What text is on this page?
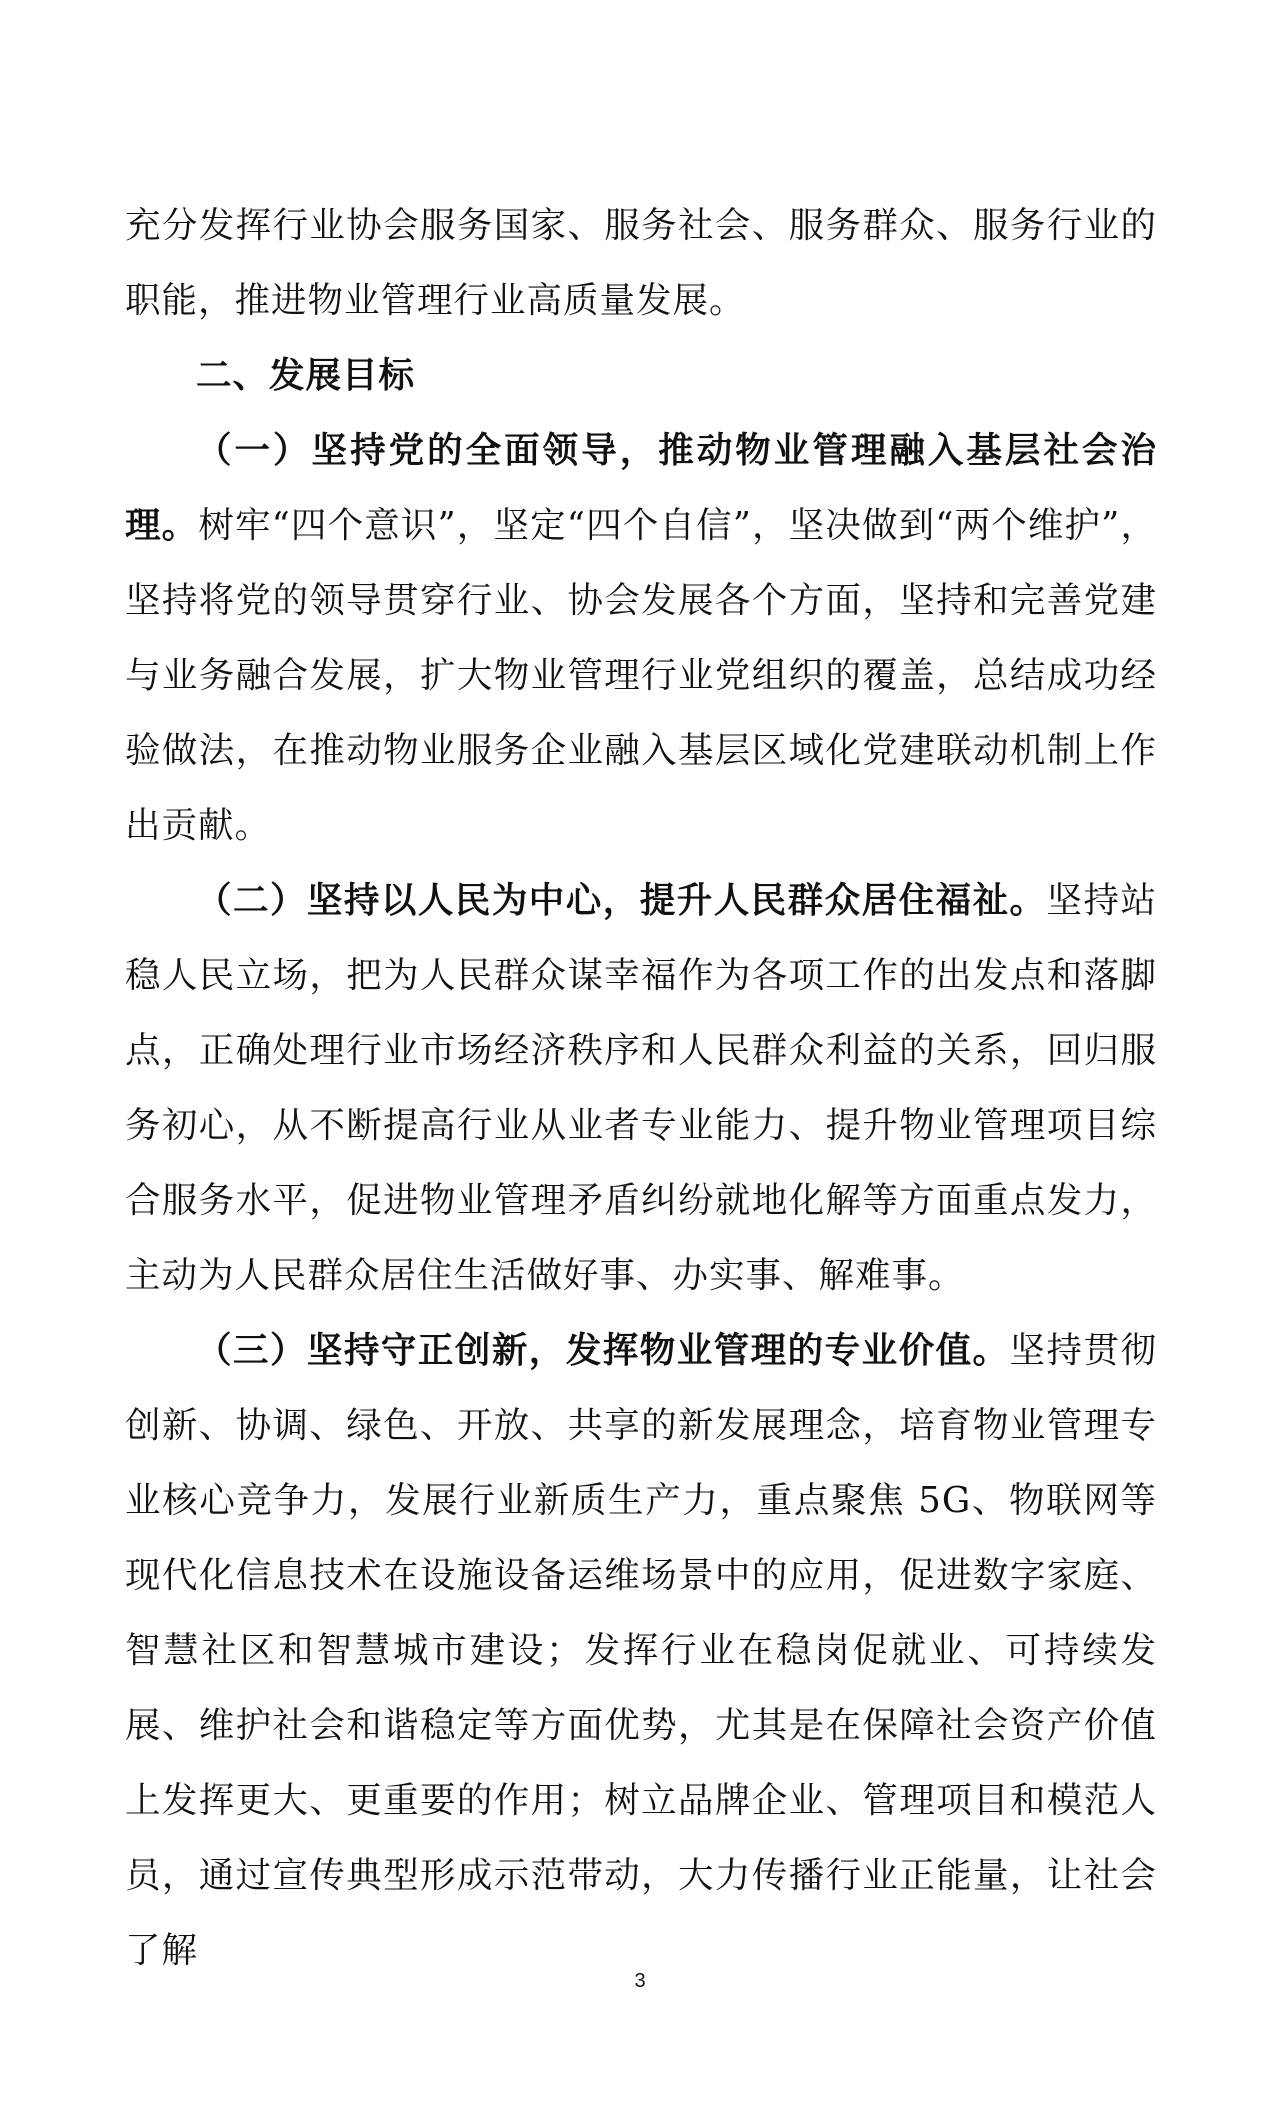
充分发挥行业协会服务国家、服务社会、服务群众、服务行业的职能，推进物业管理行业高质量发展。

二、发展目标

（一）坚持党的全面领导，推动物业管理融入基层社会治理。树牢“四个意识”，坚定“四个自信”，坚决做到“两个维护”，坚持将党的领导贯穿行业、协会发展各个方面，坚持和完善党建与业务融合发展，扩大物业管理行业党组织的覆盖，总结成功经验做法，在推动物业服务企业融入基层区域化党建联动机制上作出贡献。

（二）坚持以人民为中心，提升人民群众居住福祉。坚持站稳人民立场，把为人民群众谋幸福作为各项工作的出发点和落脚点，正确处理行业市场经济秩序和人民群众利益的关系，回归服务初心，从不断提高行业从业者专业能力、提升物业管理项目综合服务水平，促进物业管理矛盾纠纷就地化解等方面重点发力，主动为人民群众居住生活做好事、办实事、解难事。

（三）坚持守正创新，发挥物业管理的专业价值。坚持贯彻创新、协调、绿色、开放、共享的新发展理念，培育物业管理专业核心竞争力，发展行业新质生产力，重点聚焦 5G、物联网等现代化信息技术在设施设备运维场景中的应用，促进数字家庭、智慧社区和智慧城市建设；发挥行业在稳岗促就业、可持续发展、维护社会和谐稳定等方面优势，尤其是在保障社会资产价值上发挥更大、更重要的作用；树立品牌企业、管理项目和模范人员，通过宣传典型形成示范带动，大力传播行业正能量，让社会了解

3
